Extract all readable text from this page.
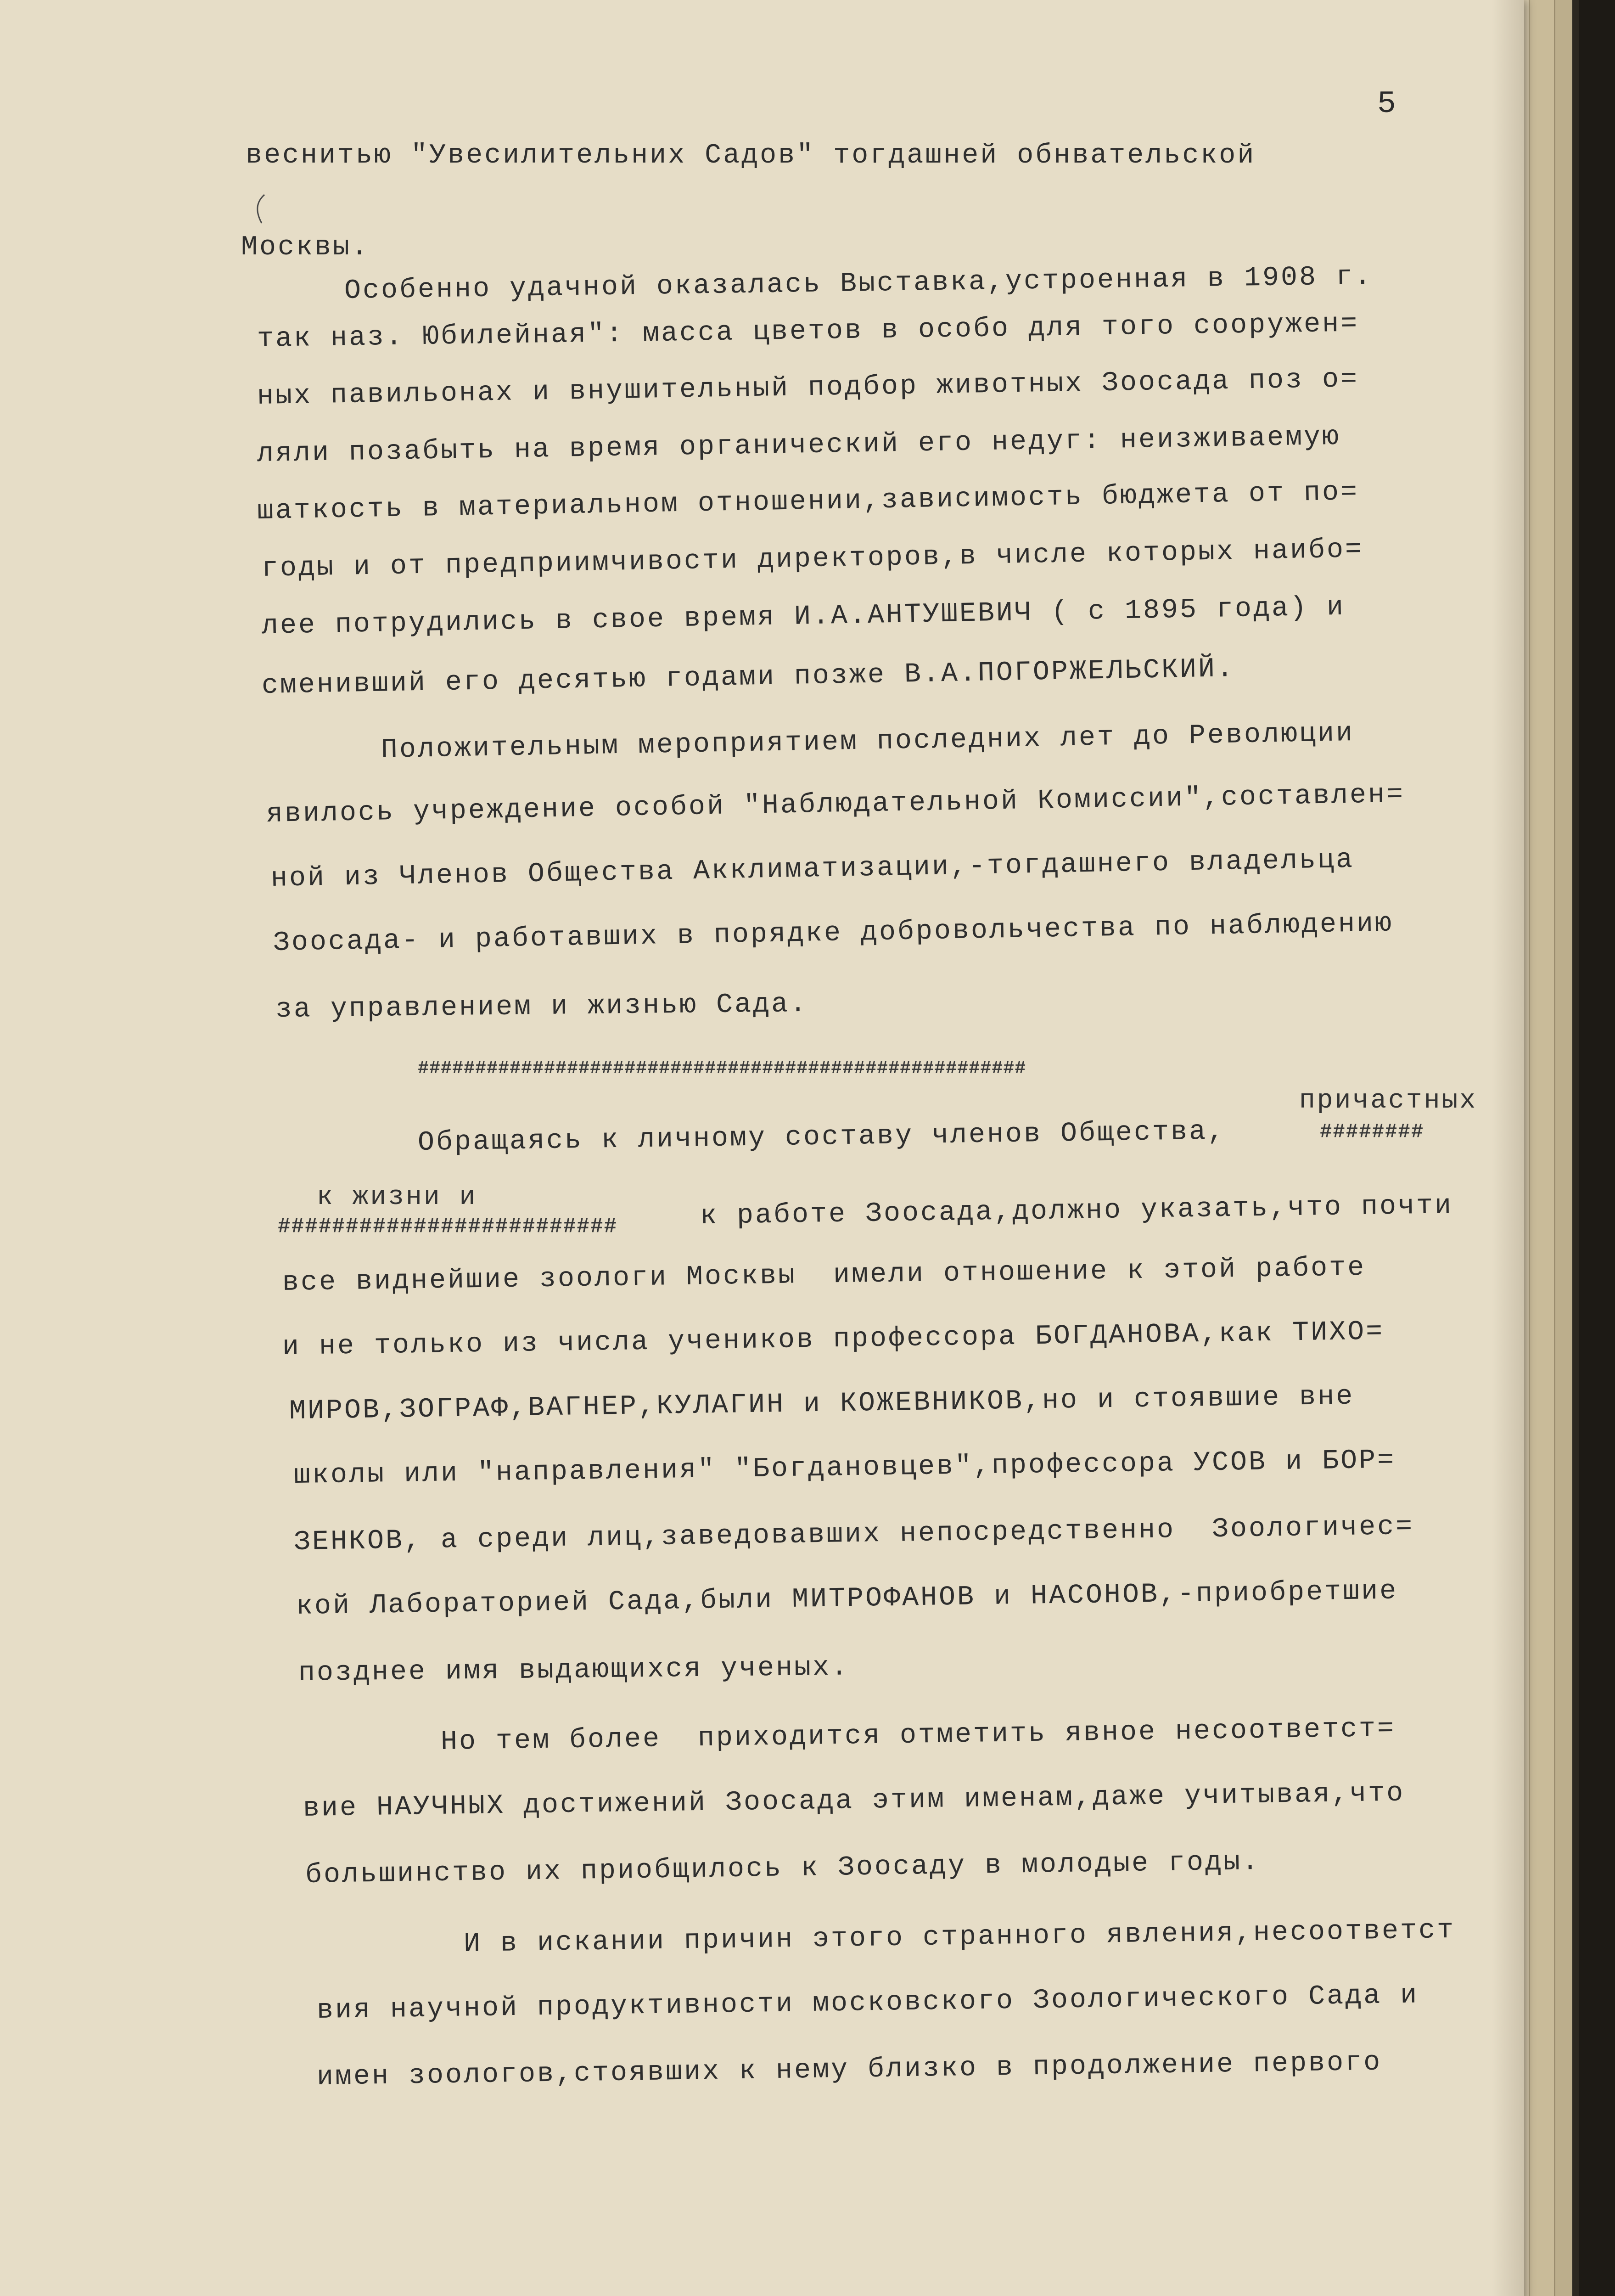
5
веснитью "Увесилительних Садов" тогдашней обнвательской
Москвы.
Особенно удачной оказалась Выставка,устроенная в 1908 г.
так наз. Юбилейная": масса цветов в особо для того сооружен=
ных павильонах и внушительный подбор животных Зоосада поз о=
ляли позабыть на время органический его недуг: неизживаемую
шаткость в материальном отношении,зависимость бюджета от по=
годы и от предприимчивости директоров,в числе которых наибо=
лее потрудились в свое время И.А.АНТУШЕВИЧ ( с 1895 года) и
сменивший его десятью годами позже В.А.ПОГОРЖЕЛЬСКИЙ.
Положительным мероприятием последних лет до Революции
явилось учреждение особой "Наблюдательной Комиссии",составлен=
ной из Членов Общества Акклиматизации,-тогдашнего владельца
Зоосада- и работавших в порядке добровольчества по наблюдению
за управлением и жизнью Сада.
#####################################################
причастных
Обращаясь к личному составу членов Общества,	########
к жизни и
#########################	к работе Зоосада,должно указать,что почти
все виднейшие зоологи Москвы  имели отношение к этой работе
и не только из числа учеников профессора БОГДАНОВА,как ТИХО=
МИРОВ,ЗОГРАФ,ВАГНЕР,КУЛАГИН и КОЖЕВНИКОВ,но и стоявшие вне
школы или "направления" "Богдановцев",профессора УСОВ и БОР=
ЗЕНКОВ, а среди лиц,заведовавших непосредственно  Зоологичес=
кой Лабораторией Сада,были МИТРОФАНОВ и НАСОНОВ,-приобретшие
позднее имя выдающихся ученых.
Но тем более  приходится отметить явное несоответст=
вие НАУЧНЫХ достижений Зоосада этим именам,даже учитывая,что
большинство их приобщилось к Зоосаду в молодые годы.
И в искании причин этого странного явления,несоответст
вия научной продуктивности московского Зоологического Сада и
имен зоологов,стоявших к нему близко в продолжение первого
